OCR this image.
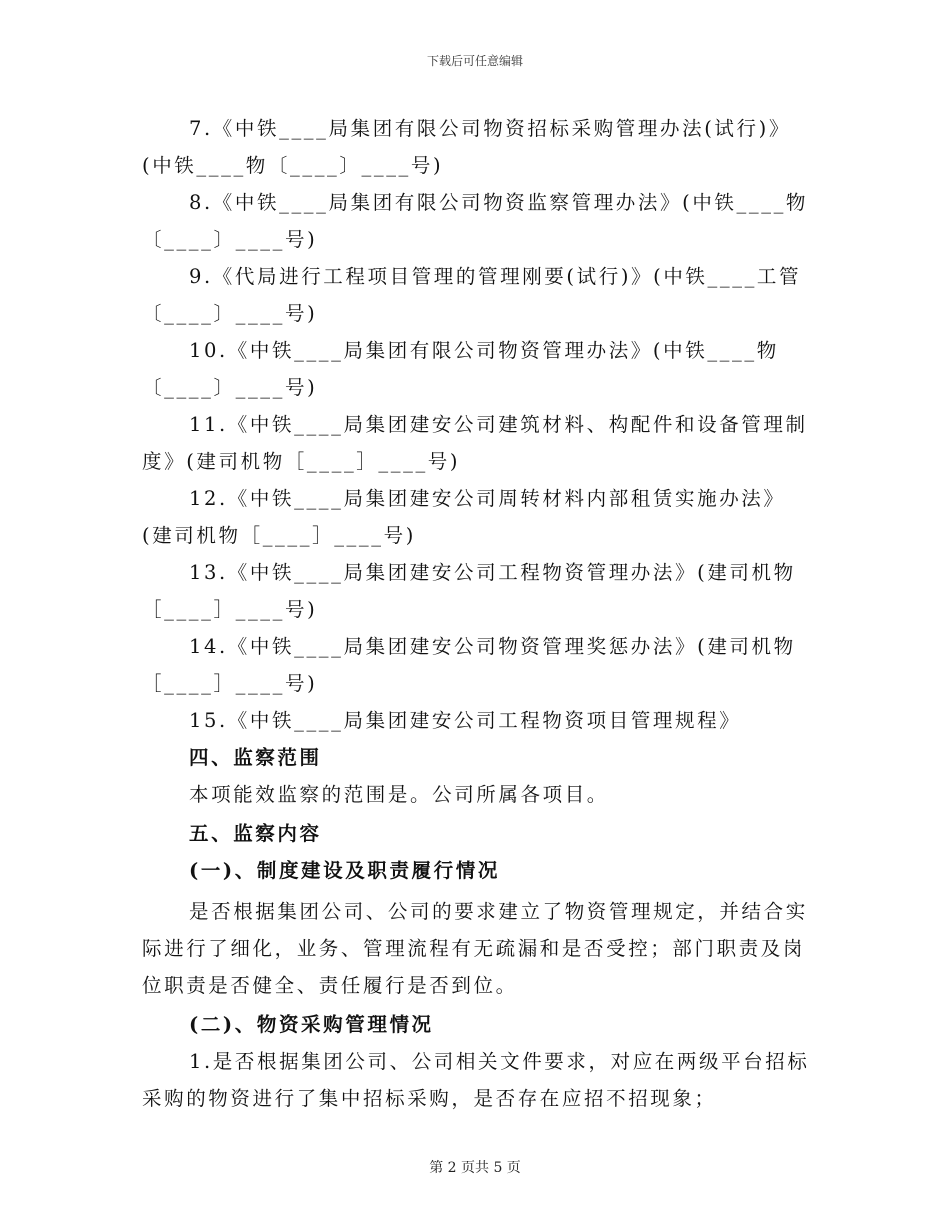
下载后可任意编辑

7.《中铁____局集团有限公司物资招标采购管理办法(试行)》(中铁____物〔____〕____号)

8.《中铁____局集团有限公司物资监察管理办法》(中铁____物〔____〕____号)

9.《代局进行工程项目管理的管理刚要(试行)》(中铁____工管〔____〕____号)

10.《中铁____局集团有限公司物资管理办法》(中铁____物〔____〕____号)

11.《中铁____局集团建安公司建筑材料、构配件和设备管理制度》(建司机物［____］____号)

12.《中铁____局集团建安公司周转材料内部租赁实施办法》(建司机物［____］____号)

13.《中铁____局集团建安公司工程物资管理办法》(建司机物［____］____号)

14.《中铁____局集团建安公司物资管理奖惩办法》(建司机物［____］____号)

15.《中铁____局集团建安公司工程物资项目管理规程》

四、监察范围

本项能效监察的范围是。公司所属各项目。

五、监察内容

(一)、制度建设及职责履行情况

是否根据集团公司、公司的要求建立了物资管理规定，并结合实际进行了细化，业务、管理流程有无疏漏和是否受控；部门职责及岗位职责是否健全、责任履行是否到位。

(二)、物资采购管理情况

1.是否根据集团公司、公司相关文件要求，对应在两级平台招标采购的物资进行了集中招标采购，是否存在应招不招现象；

第 2 页共 5 页
